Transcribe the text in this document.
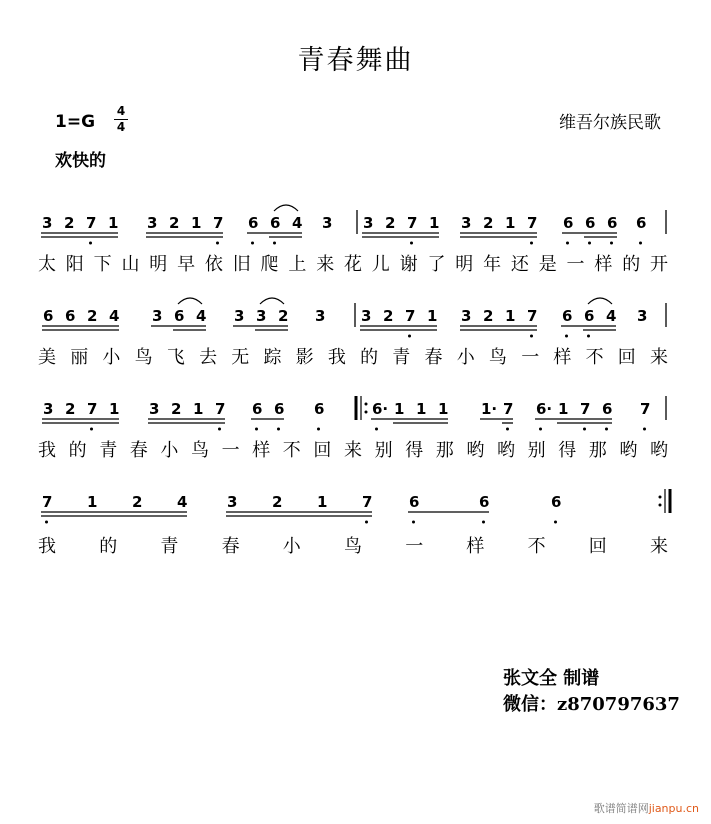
青春舞曲
1=G
4
4
欢快的
维吾尔族民歌
3 2 7 1 3 2 1 7 6 6 4 3 3 2 7 1 3 2 1 7 6 6 6 6
太 阳 下 山 明 早 依 旧 爬 上 来 花 儿 谢 了 明 年 还 是 一 样 的 开
6 6 2 4 3 6 4 3 3 2 3 3 2 7 1 3 2 1 7 6 6 4 3
美 丽 小 鸟 飞 去 无 踪 影 我 的 青 春 小 鸟 一 样 不 回 来
3 2 7 1 3 2 1 7 6 6 6	6· 1 1 1 1· 7 6· 1 7 6 7
我 的 青 春 小 鸟 一 样 不 回 来 别 得 那 哟 哟 别 得 那 哟 哟
7 1 2 4	3 2 1 7 6	6	6
我 的 青 春 小 鸟 一 样 不 回 来
张文全 制谱
微信：z870797637
歌谱简谱网jianpu.cn
